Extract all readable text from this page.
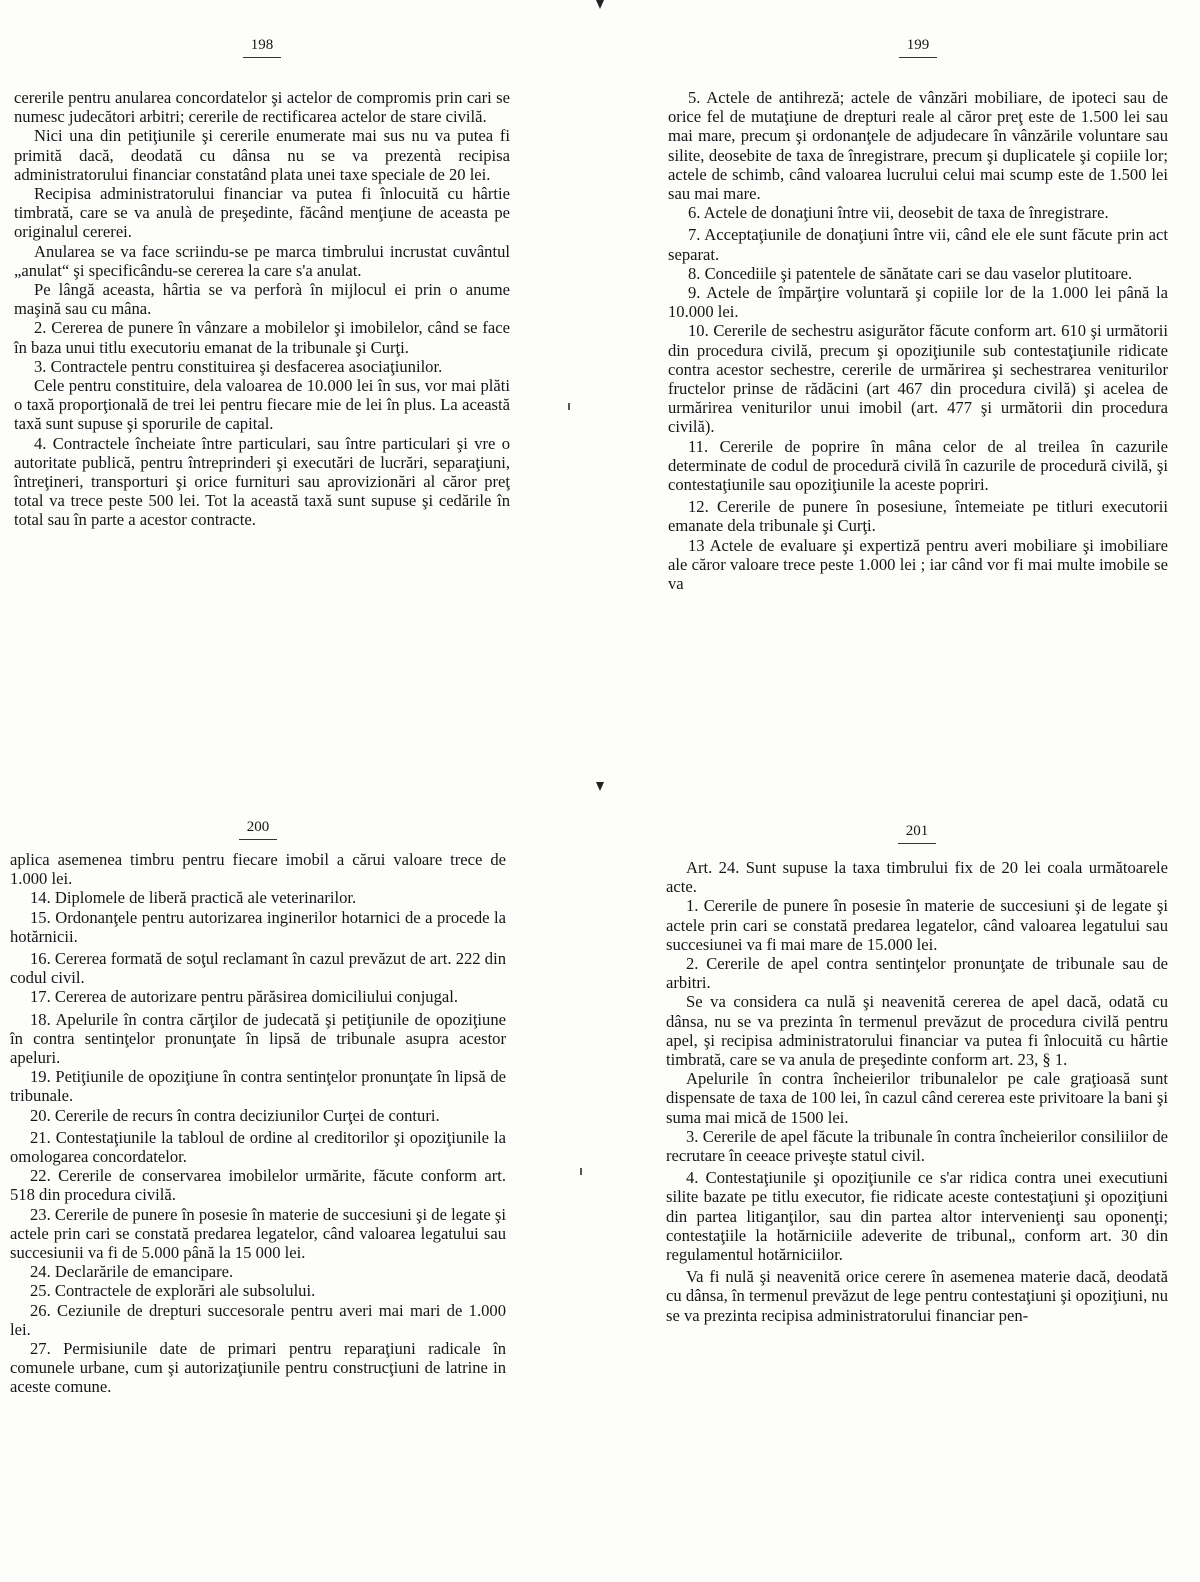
198

cererile pentru anularea concordatelor şi actelor de compromis prin cari se numesc judecători arbitri; cererile de rectificarea actelor de stare civilă.

Nici una din petiţiunile şi cererile enumerate mai sus nu va putea fi primită dacă, deodată cu dânsa nu se va prezentà recipisa administratorului financiar constatând plata unei taxe speciale de 20 lei.

Recipisa administratorului financiar va putea fi înlocuită cu hârtie timbrată, care se va anulà de preşedinte, făcând menţiune de aceasta pe originalul cererei.

Anularea se va face scriindu-se pe marca timbrului incrustat cuvântul „anulat“ şi specificându-se cererea la care s'a anulat.

Pe lângă aceasta, hârtia se va perforà în mijlocul ei prin o anume maşină sau cu mâna.

2. Cererea de punere în vânzare a mobilelor şi imobilelor, când se face în baza unui titlu executoriu emanat de la tribunale şi Curţi.

3. Contractele pentru constituirea şi desfacerea asociaţiunilor.

Cele pentru constituire, dela valoarea de 10.000 lei în sus, vor mai plăti o taxă proporţională de trei lei pentru fiecare mie de lei în plus. La această taxă sunt supuse şi sporurile de capital.

4. Contractele încheiate între particulari, sau între particulari şi vre o autoritate publică, pentru întreprinderi şi executări de lucrări, separaţiuni, întreţineri, transporturi şi orice furnituri sau aprovizionări al căror preţ total va trece peste 500 lei. Tot la această taxă sunt supuse şi cedările în total sau în parte a acestor contracte.

199

5. Actele de antihreză; actele de vânzări mobiliare, de ipoteci sau de orice fel de mutaţiune de drepturi reale al căror preţ este de 1.500 lei sau mai mare, precum şi ordonanţele de adjudecare în vânzările voluntare sau silite, deosebite de taxa de înregistrare, precum şi duplicatele şi copiile lor; actele de schimb, când valoarea lucrului celui mai scump este de 1.500 lei sau mai mare.

6. Actele de donaţiuni între vii, deosebit de taxa de înregistrare.

7. Acceptaţiunile de donaţiuni între vii, când ele ele sunt făcute prin act separat.

8. Concediile şi patentele de sănătate cari se dau vaselor plutitoare.

9. Actele de împărţire voluntară şi copiile lor de la 1.000 lei până la 10.000 lei.

10. Cererile de sechestru asigurător făcute conform art. 610 şi următorii din procedura civilă, precum şi opoziţiunile sub contestaţiunile ridicate contra acestor sechestre, cererile de urmărirea şi sechestrarea veniturilor fructelor prinse de rădăcini (art 467 din procedura civilă) şi acelea de urmărirea veniturilor unui imobil (art. 477 şi următorii din procedura civilă).

11. Cererile de poprire în mâna celor de al treilea în cazurile determinate de codul de procedură civilă în cazurile de procedură civilă, şi contestaţiunile sau opoziţiunile la aceste popriri.

12. Cererile de punere în posesiune, întemeiate pe titluri executorii emanate dela tribunale şi Curţi.

13 Actele de evaluare şi expertiză pentru averi mobiliare şi imobiliare ale căror valoare trece peste 1.000 lei ; iar când vor fi mai multe imobile se va

200

aplica asemenea timbru pentru fiecare imobil a cărui valoare trece de 1.000 lei.

14. Diplomele de liberă practică ale veterinarilor.

15. Ordonanţele pentru autorizarea inginerilor hotarnici de a procede la hotărnicii.

16. Cererea formată de soţul reclamant în cazul prevăzut de art. 222 din codul civil.

17. Cererea de autorizare pentru părăsirea domiciliului conjugal.

18. Apelurile în contra cărţilor de judecată şi petiţiunile de opoziţiune în contra sentinţelor pronunţate în lipsă de tribunale asupra acestor apeluri.

19. Petiţiunile de opoziţiune în contra sentinţelor pronunţate în lipsă de tribunale.

20. Cererile de recurs în contra deciziunilor Curţei de conturi.

21. Contestaţiunile la tabloul de ordine al creditorilor şi opoziţiunile la omologarea concordatelor.

22. Cererile de conservarea imobilelor urmărite, făcute conform art. 518 din procedura civilă.

23. Cererile de punere în posesie în materie de succesiuni şi de legate şi actele prin cari se constată predarea legatelor, când valoarea legatului sau succesiunii va fi de 5.000 până la 15 000 lei.

24. Declarările de emancipare.

25. Contractele de explorări ale subsolului.

26. Ceziunile de drepturi succesorale pentru averi mai mari de 1.000 lei.

27. Permisiunile date de primari pentru reparaţiuni radicale în comunele urbane, cum şi autorizaţiunile pentru construcţiuni de latrine in aceste comune.

201

Art. 24. Sunt supuse la taxa timbrului fix de 20 lei coala următoarele acte.

1. Cererile de punere în posesie în materie de succesiuni şi de legate şi actele prin cari se constată predarea legatelor, când valoarea legatului sau succesiunei va fi mai mare de 15.000 lei.

2. Cererile de apel contra sentinţelor pronunţate de tribunale sau de arbitri.

Se va considera ca nulă şi neavenită cererea de apel dacă, odată cu dânsa, nu se va prezinta în termenul prevăzut de procedura civilă pentru apel, şi recipisa administratorului financiar va putea fi înlocuită cu hârtie timbrată, care se va anula de preşedinte conform art. 23, § 1.

Apelurile în contra încheierilor tribunalelor pe cale graţioasă sunt dispensate de taxa de 100 lei, în cazul când cererea este privitoare la bani şi suma mai mică de 1500 lei.

3. Cererile de apel făcute la tribunale în contra încheierilor consiliilor de recrutare în ceeace priveşte statul civil.

4. Contestaţiunile şi opoziţiunile ce s'ar ridica contra unei executiuni silite bazate pe titlu executor, fie ridicate aceste contestaţiuni şi opoziţiuni din partea litiganţilor, sau din partea altor intervenienţi sau oponenţi; contestaţiile la hotărniciile adeverite de tribunal„ conform art. 30 din regulamentul hotărniciilor.

Va fi nulă şi neavenită orice cerere în asemenea materie dacă, deodată cu dânsa, în termenul prevăzut de lege pentru contestaţiuni şi opoziţiuni, nu se va prezinta recipisa administratorului financiar pen-
